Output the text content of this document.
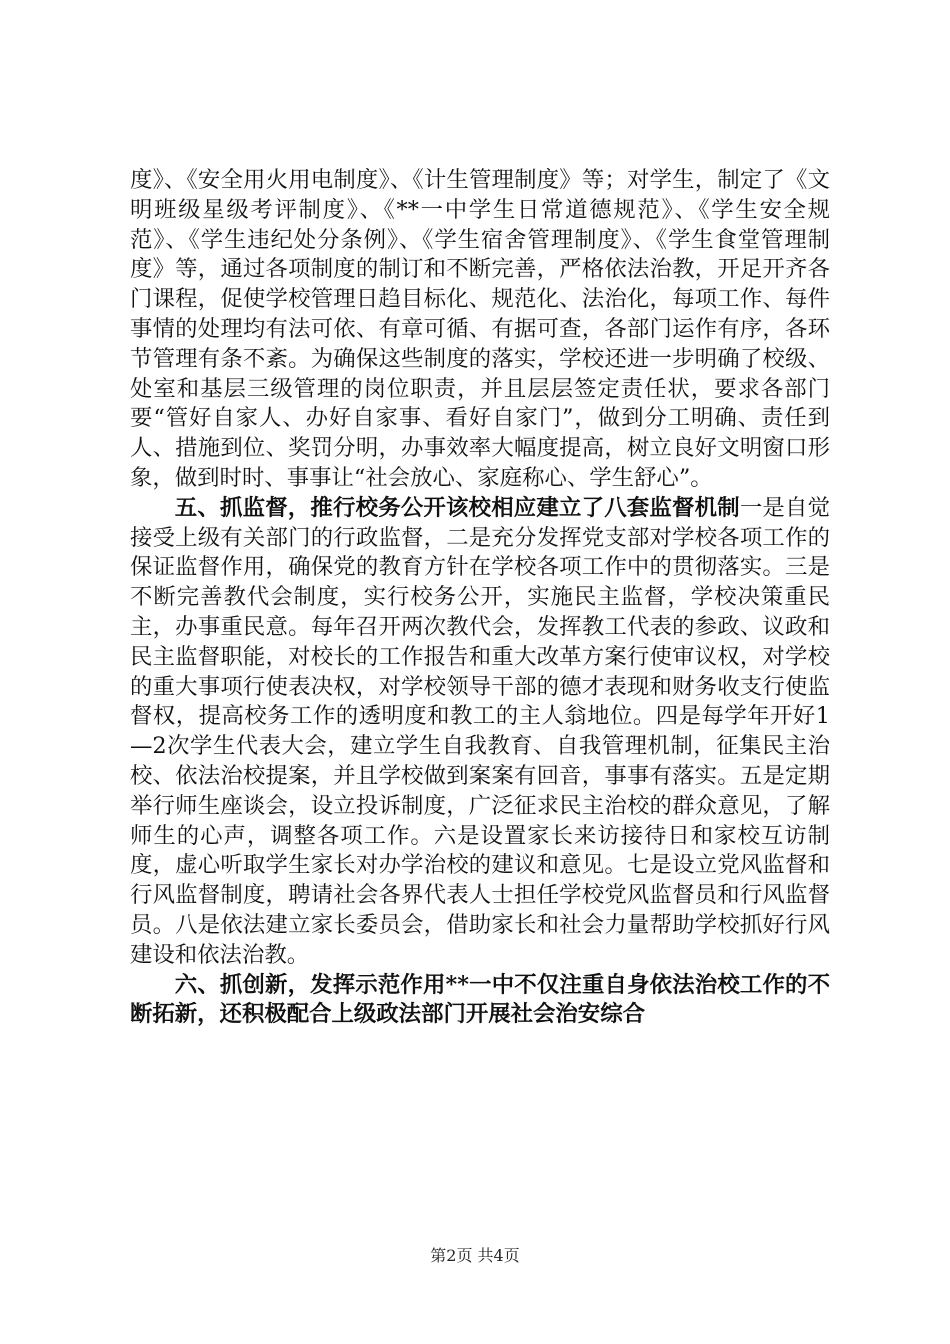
度》、《安全用火用电制度》、《计生管理制度》等；对学生，制定了《文明班级星级考评制度》、《**一中学生日常道德规范》、《学生安全规范》、《学生违纪处分条例》、《学生宿舍管理制度》、《学生食堂管理制度》等，通过各项制度的制订和不断完善，严格依法治教，开足开齐各门课程，促使学校管理日趋目标化、规范化、法治化，每项工作、每件事情的处理均有法可依、有章可循、有据可查，各部门运作有序，各环节管理有条不紊。为确保这些制度的落实，学校还进一步明确了校级、处室和基层三级管理的岗位职责，并且层层签定责任状，要求各部门要“管好自家人、办好自家事、看好自家门”，做到分工明确、责任到人、措施到位、奖罚分明，办事效率大幅度提高，树立良好文明窗口形象，做到时时、事事让“社会放心、家庭称心、学生舒心”。

五、抓监督，推行校务公开该校相应建立了八套监督机制一是自觉接受上级有关部门的行政监督，二是充分发挥党支部对学校各项工作的保证监督作用，确保党的教育方针在学校各项工作中的贯彻落实。三是不断完善教代会制度，实行校务公开，实施民主监督，学校决策重民主，办事重民意。每年召开两次教代会，发挥教工代表的参政、议政和民主监督职能，对校长的工作报告和重大改革方案行使审议权，对学校的重大事项行使表决权，对学校领导干部的德才表现和财务收支行使监督权，提高校务工作的透明度和教工的主人翁地位。四是每学年开好1—2次学生代表大会，建立学生自我教育、自我管理机制，征集民主治校、依法治校提案，并且学校做到案案有回音，事事有落实。五是定期举行师生座谈会，设立投诉制度，广泛征求民主治校的群众意见，了解师生的心声，调整各项工作。六是设置家长来访接待日和家校互访制度，虚心听取学生家长对办学治校的建议和意见。七是设立党风监督和行风监督制度，聘请社会各界代表人士担任学校党风监督员和行风监督员。八是依法建立家长委员会，借助家长和社会力量帮助学校抓好行风建设和依法治教。

六、抓创新，发挥示范作用**一中不仅注重自身依法治校工作的不断拓新，还积极配合上级政法部门开展社会治安综合

第2页 共4页
